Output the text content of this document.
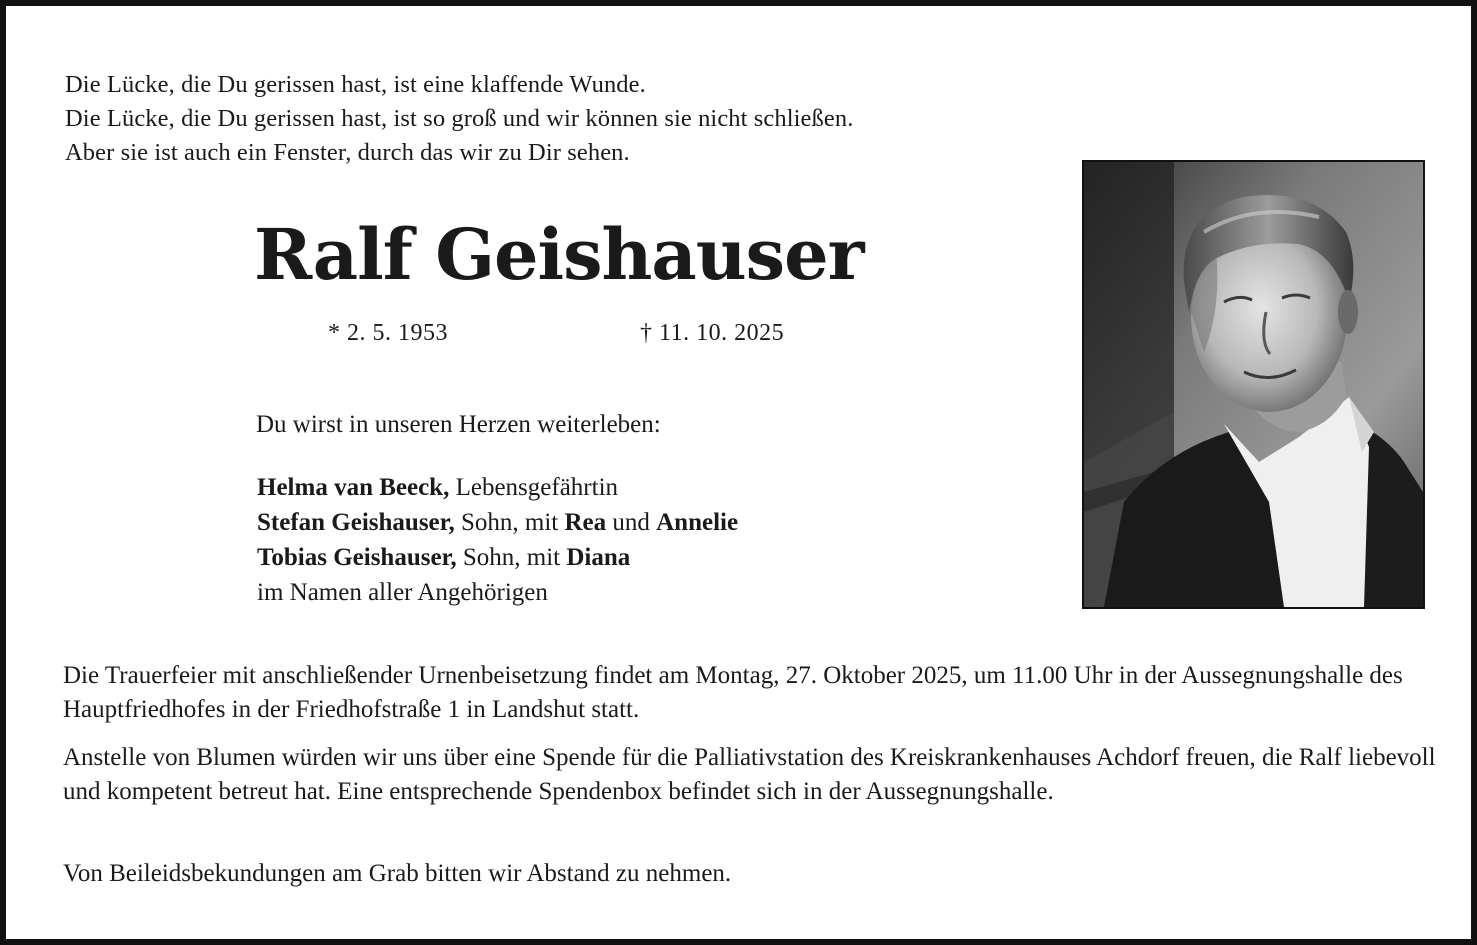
Die Lücke, die Du gerissen hast, ist eine klaffende Wunde.
Die Lücke, die Du gerissen hast, ist so groß und wir können sie nicht schließen.
Aber sie ist auch ein Fenster, durch das wir zu Dir sehen.
Ralf Geishauser
* 2. 5. 1953	† 11. 10. 2025
Du wirst in unseren Herzen weiterleben:
Helma van Beeck, Lebensgefährtin
Stefan Geishauser, Sohn, mit Rea und Annelie
Tobias Geishauser, Sohn, mit Diana
im Namen aller Angehörigen

Die Trauerfeier mit anschließender Urnenbeisetzung findet am Montag, 27. Oktober 2025, um 11.00 Uhr in der Aussegnungshalle des Hauptfriedhofes in der Friedhofstraße 1 in Landshut statt.

Anstelle von Blumen würden wir uns über eine Spende für die Palliativstation des Kreiskrankenhauses Achdorf freuen, die Ralf liebevoll und kompetent betreut hat. Eine entsprechende Spendenbox befindet sich in der Aussegnungshalle.

Von Beileidsbekundungen am Grab bitten wir Abstand zu nehmen.
